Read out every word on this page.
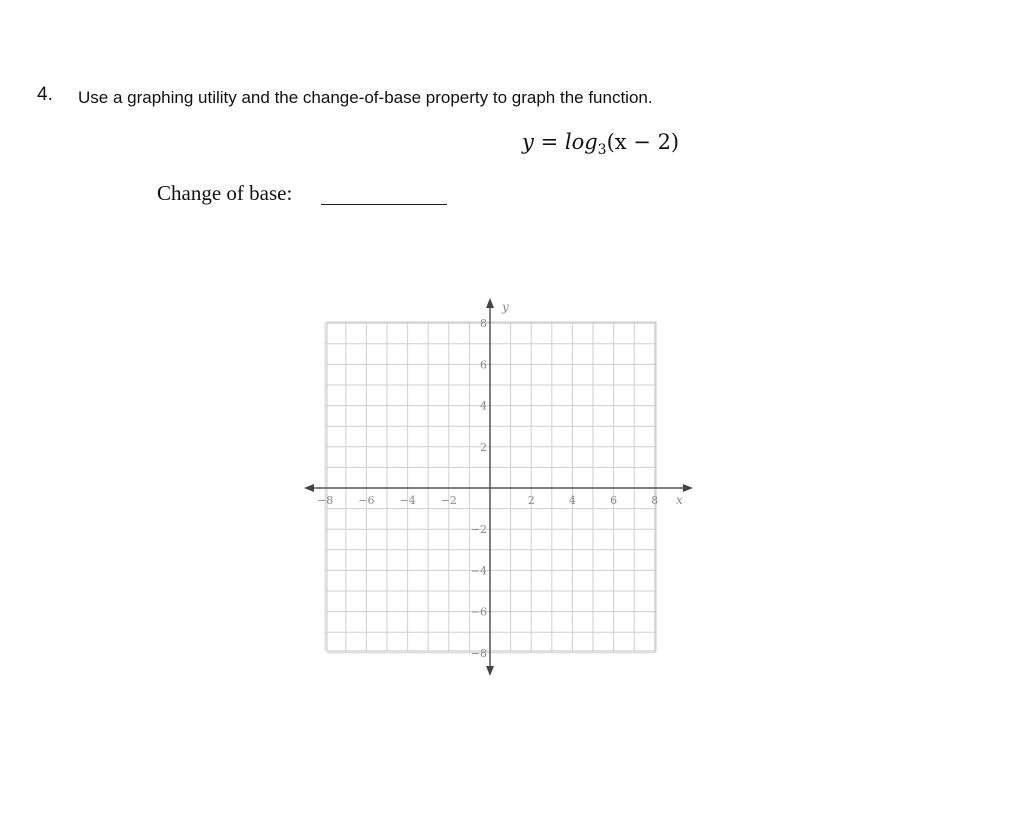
4. Use a graphing utility and the change-of-base property to graph the function.
$y = \log_3(x - 2)$
Change of base:
−8 −6 −4 −2	2	4	6	8
8
6
4
2
−2
−4
−6
−8
x
y
